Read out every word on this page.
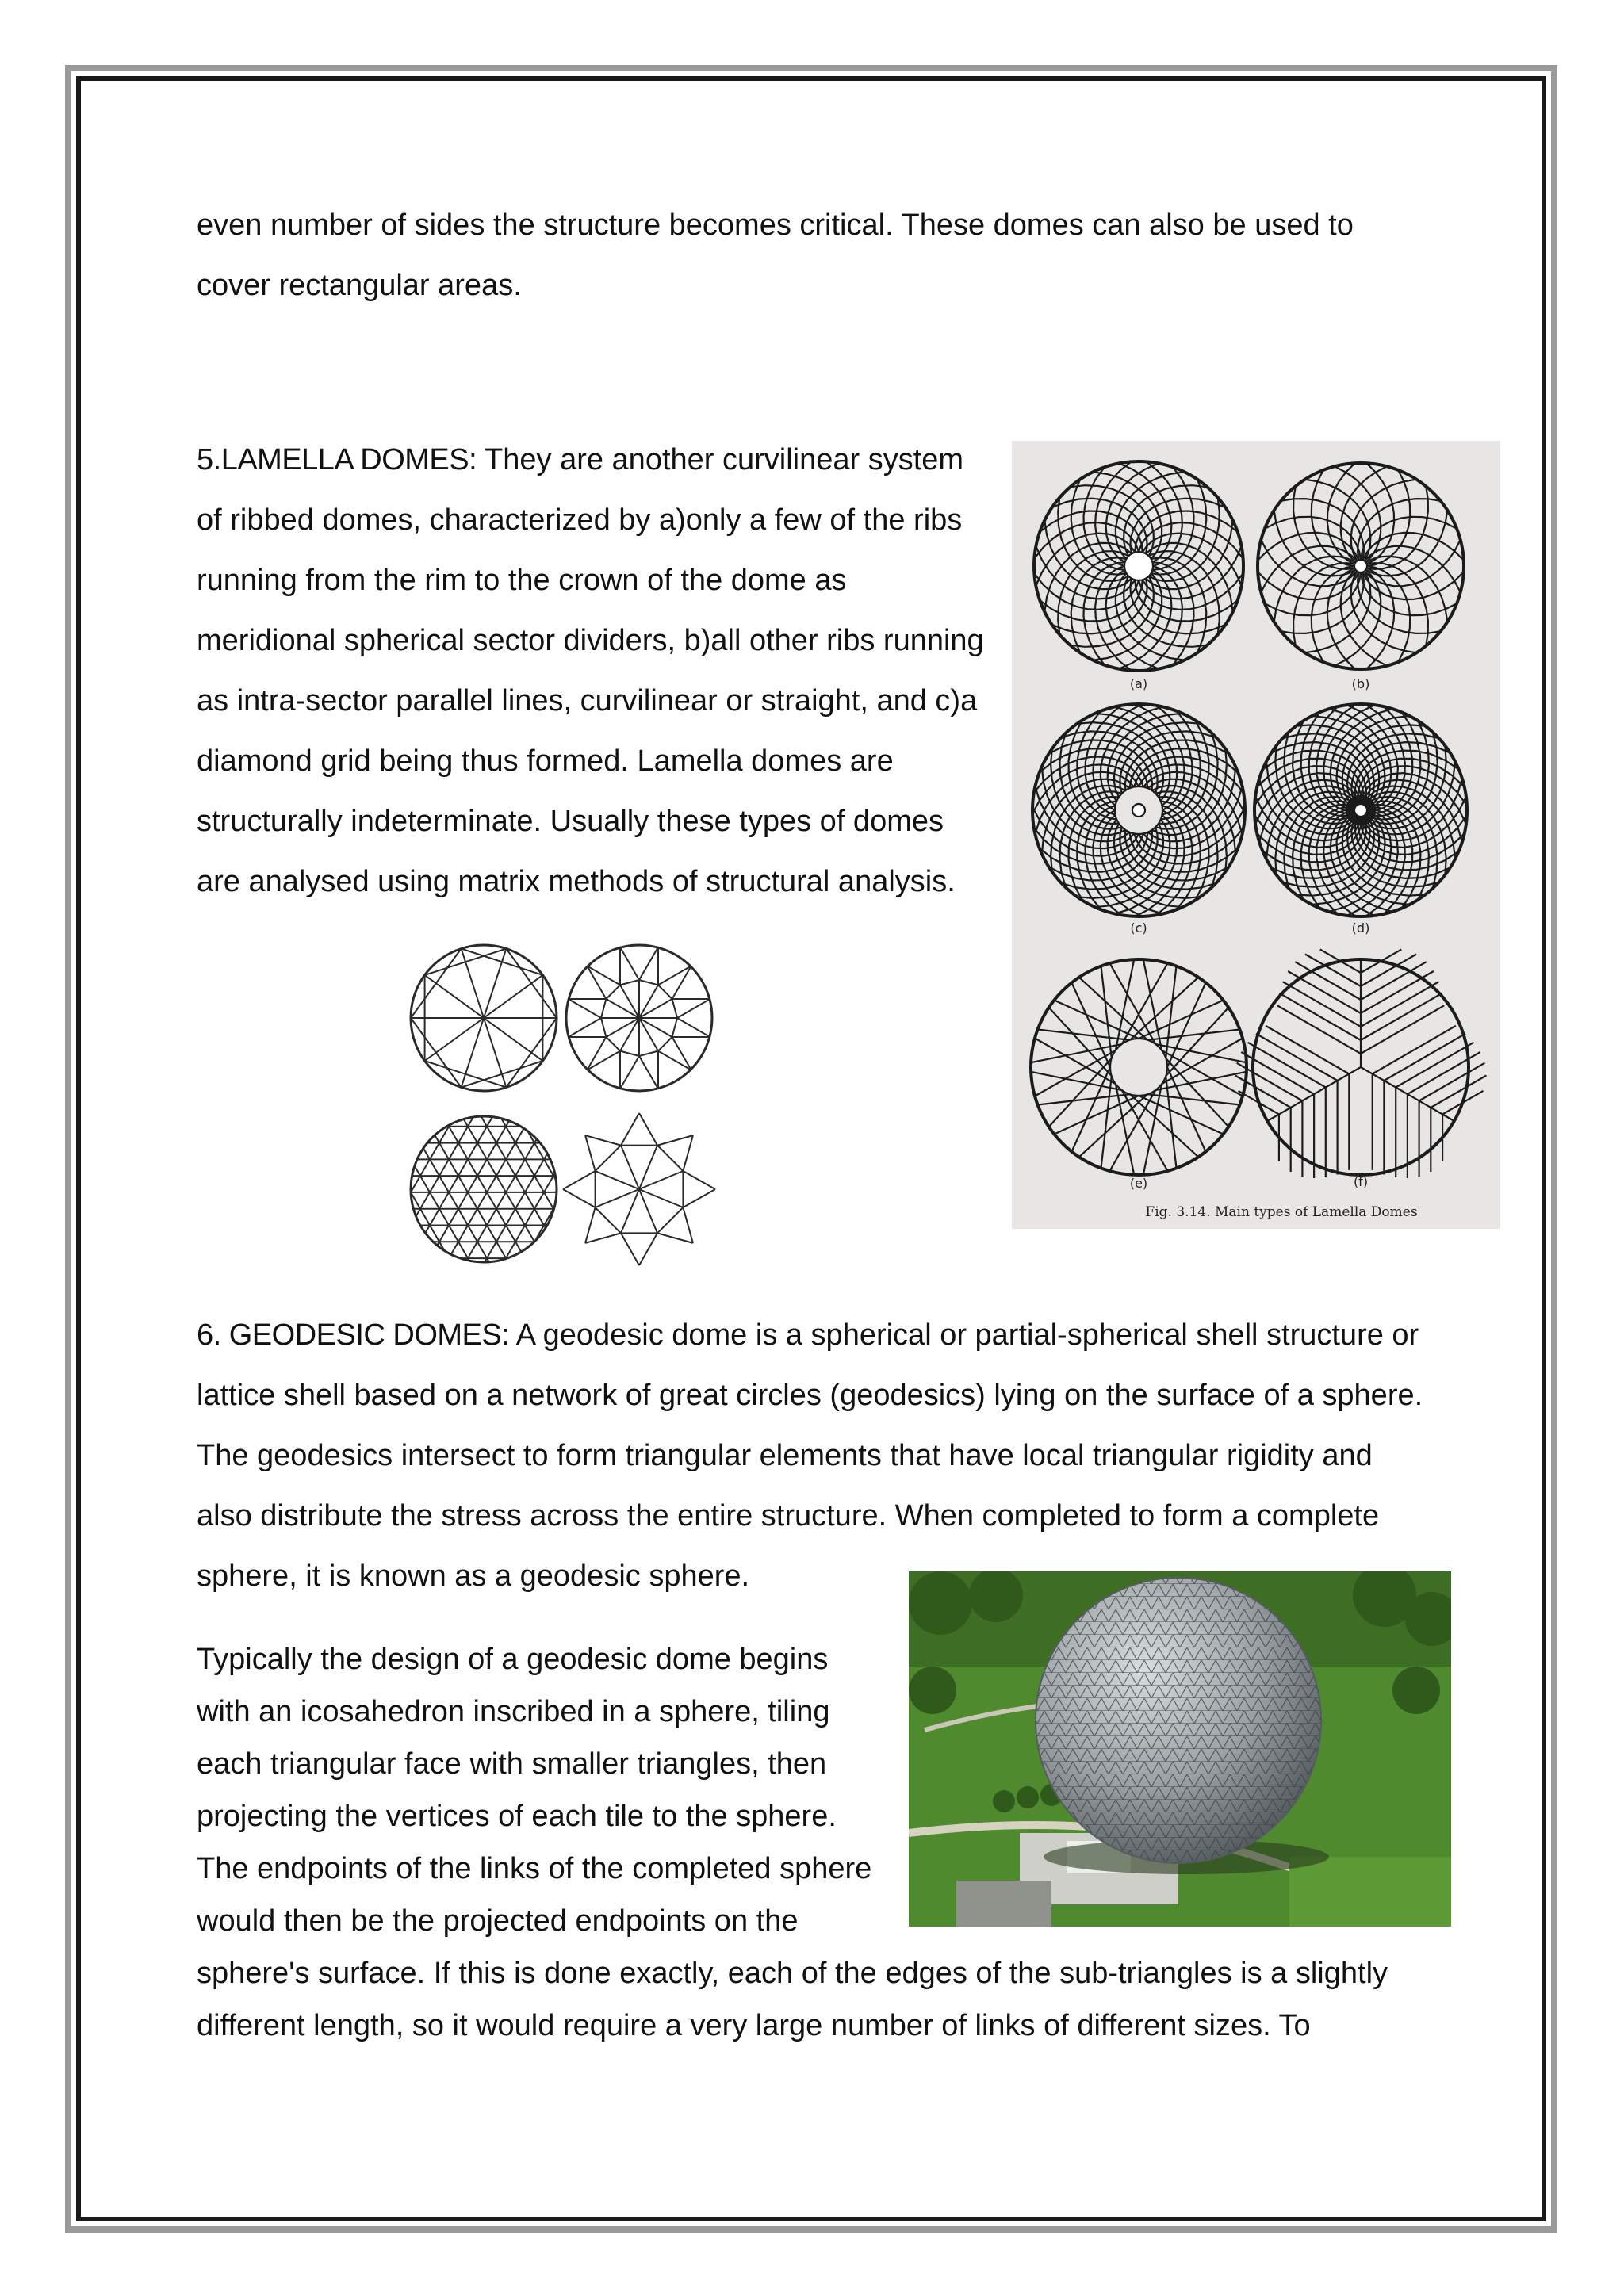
even number of sides the structure becomes critical. These domes can also be used to

cover rectangular areas.

5.LAMELLA DOMES: They are another curvilinear system

of ribbed domes, characterized by a)only a few of the ribs

running from the rim to the crown of the dome as

meridional spherical sector dividers, b)all other ribs running

as intra-sector parallel lines, curvilinear or straight, and c)a

diamond grid being thus formed. Lamella domes are

structurally indeterminate. Usually these types of domes

are analysed using matrix methods of structural analysis.

(a)	(b)
(c)	(d)
(e)	(f)
Fig. 3.14. Main types of Lamella Domes

6. GEODESIC DOMES: A geodesic dome is a spherical or partial-spherical shell structure or

lattice shell based on a network of great circles (geodesics) lying on the surface of a sphere.

The geodesics intersect to form triangular elements that have local triangular rigidity and

also distribute the stress across the entire structure. When completed to form a complete

sphere, it is known as a geodesic sphere.

Typically the design of a geodesic dome begins

with an icosahedron inscribed in a sphere, tiling

each triangular face with smaller triangles, then

projecting the vertices of each tile to the sphere.

The endpoints of the links of the completed sphere

would then be the projected endpoints on the

sphere's surface. If this is done exactly, each of the edges of the sub-triangles is a slightly

different length, so it would require a very large number of links of different sizes. To
